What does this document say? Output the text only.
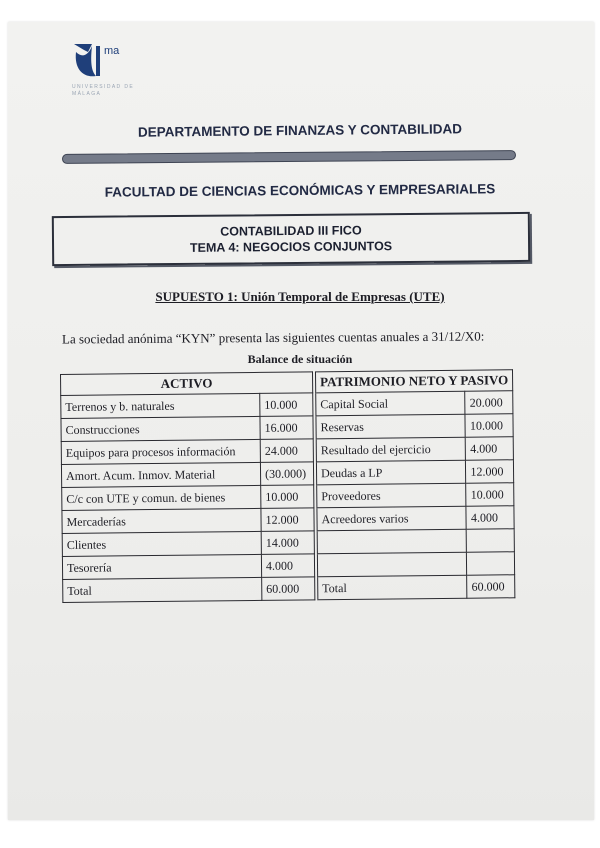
ma
UNIVERSIDAD DE MÁLAGA
DEPARTAMENTO DE FINANZAS Y CONTABILIDAD
FACULTAD DE CIENCIAS ECONÓMICAS Y EMPRESARIALES
CONTABILIDAD III FICO
TEMA 4: NEGOCIOS CONJUNTOS
SUPUESTO 1: Unión Temporal de Empresas (UTE)
La sociedad anónima “KYN” presenta las siguientes cuentas anuales a 31/12/X0:
Balance de situación
ACTIVO			PATRIMONIO NETO Y PASIVO	
Terrenos y b. naturales	10.000		Capital Social	20.000
Construcciones	16.000		Reservas	10.000
Equipos para procesos información	24.000		Resultado del ejercicio	4.000
Amort. Acum. Inmov. Material	(30.000)		Deudas a LP	12.000
C/c con UTE y comun. de bienes	10.000		Proveedores	10.000
Mercaderías	12.000		Acreedores varios	4.000
Clientes	14.000			
Tesorería	4.000			
Total	60.000		Total	60.000
